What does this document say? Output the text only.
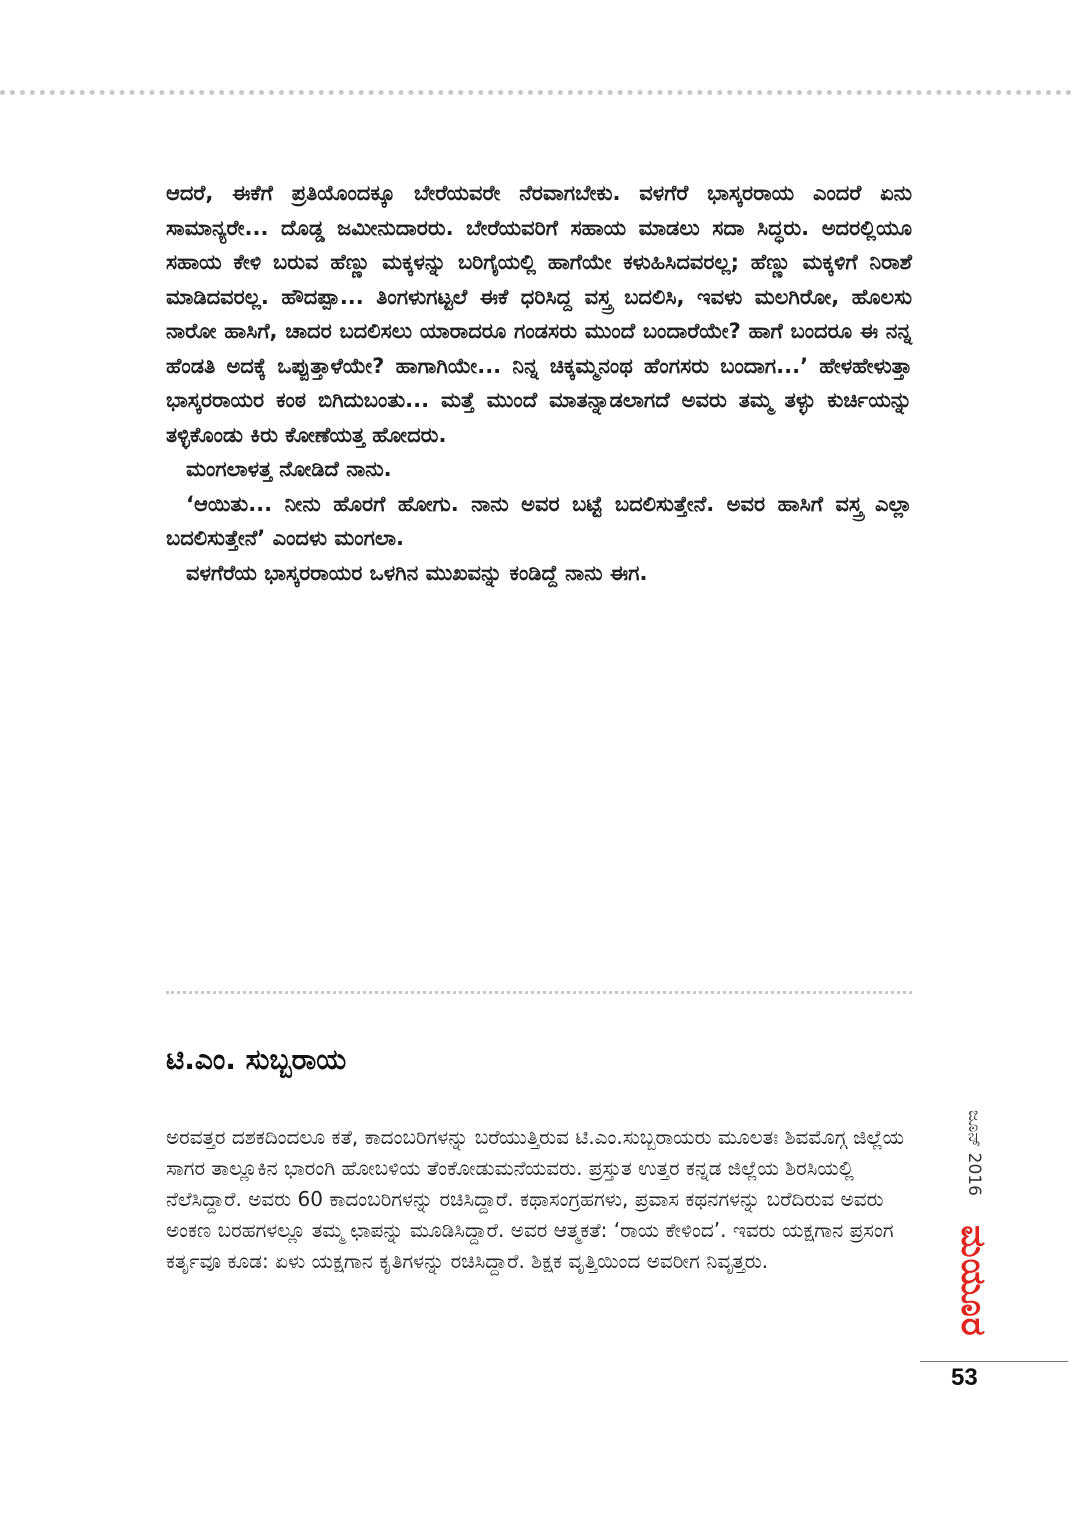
ಆದರೆ, ಈಕೆಗೆ ಪ್ರತಿಯೊಂದಕ್ಕೂ ಬೇರೆಯವರೇ ನೆರವಾಗಬೇಕು. ವಳಗೆರೆ ಭಾಸ್ಕರರಾಯ ಎಂದರೆ ಏನು ಸಾಮಾನ್ಯರೇ... ದೊಡ್ಡ ಜಮೀನುದಾರರು. ಬೇರೆಯವರಿಗೆ ಸಹಾಯ ಮಾಡಲು ಸದಾ ಸಿದ್ಧರು. ಅದರಲ್ಲಿಯೂ ಸಹಾಯ ಕೇಳಿ ಬರುವ ಹೆಣ್ಣು ಮಕ್ಕಳನ್ನು ಬರಿಗೈಯಲ್ಲಿ ಹಾಗೆಯೇ ಕಳುಹಿಸಿದವರಲ್ಲ; ಹೆಣ್ಣು ಮಕ್ಕಳಿಗೆ ನಿರಾಶೆ ಮಾಡಿದವರಲ್ಲ. ಹೌದಪ್ಪಾ... ತಿಂಗಳುಗಟ್ಟಲೆ ಈಕೆ ಧರಿಸಿದ್ದ ವಸ್ತ್ರ ಬದಲಿಸಿ, ಇವಳು ಮಲಗಿರೋ, ಹೊಲಸು ನಾರೋ ಹಾಸಿಗೆ, ಚಾದರ ಬದಲಿಸಲು ಯಾರಾದರೂ ಗಂಡಸರು ಮುಂದೆ ಬಂದಾರೆಯೇ? ಹಾಗೆ ಬಂದರೂ ಈ ನನ್ನ ಹೆಂಡತಿ ಅದಕ್ಕೆ ಒಪ್ಪುತ್ತಾಳೆಯೇ? ಹಾಗಾಗಿಯೇ... ನಿನ್ನ ಚಿಕ್ಕಮ್ಮನಂಥ ಹೆಂಗಸರು ಬಂದಾಗ...’ ಹೇಳಹೇಳುತ್ತಾ ಭಾಸ್ಕರರಾಯರ ಕಂಠ ಬಿಗಿದುಬಂತು... ಮತ್ತೆ ಮುಂದೆ ಮಾತನ್ನಾಡಲಾಗದೆ ಅವರು ತಮ್ಮ ತಳ್ಳು ಕುರ್ಚಿಯನ್ನು ತಳ್ಳಿಕೊಂಡು ಕಿರು ಕೋಣೆಯತ್ತ ಹೋದರು.

ಮಂಗಲಾಳತ್ತ ನೋಡಿದೆ ನಾನು.

‘ಆಯಿತು... ನೀನು ಹೊರಗೆ ಹೋಗು. ನಾನು ಅವರ ಬಟ್ಟೆ ಬದಲಿಸುತ್ತೇನೆ. ಅವರ ಹಾಸಿಗೆ ವಸ್ತ್ರ ಎಲ್ಲಾ ಬದಲಿಸುತ್ತೇನೆ’ ಎಂದಳು ಮಂಗಲಾ.

ವಳಗೆರೆಯ ಭಾಸ್ಕರರಾಯರ ಒಳಗಿನ ಮುಖವನ್ನು ಕಂಡಿದ್ದೆ ನಾನು ಈಗ.

ಟಿ.ಎಂ. ಸುಬ್ಬರಾಯ
ಅರವತ್ತರ ದಶಕದಿಂದಲೂ ಕತೆ, ಕಾದಂಬರಿಗಳನ್ನು ಬರೆಯುತ್ತಿರುವ ಟಿ.ಎಂ.ಸುಬ್ಬರಾಯರು ಮೂಲತಃ ಶಿವಮೊಗ್ಗ ಜಿಲ್ಲೆಯ ಸಾಗರ ತಾಲ್ಲೂಕಿನ ಭಾರಂಗಿ ಹೋಬಳಿಯ ತೆಂಕೋಡುಮನೆಯವರು. ಪ್ರಸ್ತುತ ಉತ್ತರ ಕನ್ನಡ ಜಿಲ್ಲೆಯ ಶಿರಸಿಯಲ್ಲಿ ನೆಲೆಸಿದ್ದಾರೆ. ಅವರು 60 ಕಾದಂಬರಿಗಳನ್ನು ರಚಿಸಿದ್ದಾರೆ. ಕಥಾಸಂಗ್ರಹಗಳು, ಪ್ರವಾಸ ಕಥನಗಳನ್ನು ಬರೆದಿರುವ ಅವರು ಅಂಕಣ ಬರಹಗಳಲ್ಲೂ ತಮ್ಮ ಛಾಪನ್ನು ಮೂಡಿಸಿದ್ದಾರೆ. ಅವರ ಆತ್ಮಕತೆ: ‘ರಾಯ ಕೇಳಿಂದ’. ಇವರು ಯಕ್ಷಗಾನ ಪ್ರಸಂಗ ಕರ್ತೃವೂ ಕೂಡ: ಏಳು ಯಕ್ಷಗಾನ ಕೃತಿಗಳನ್ನು ರಚಿಸಿದ್ದಾರೆ. ಶಿಕ್ಷಕ ವೃತ್ತಿಯಿಂದ ಅವರೀಗ ನಿವೃತ್ತರು.
ಜೂನ್ 2016
ಮಯೂರ
53
